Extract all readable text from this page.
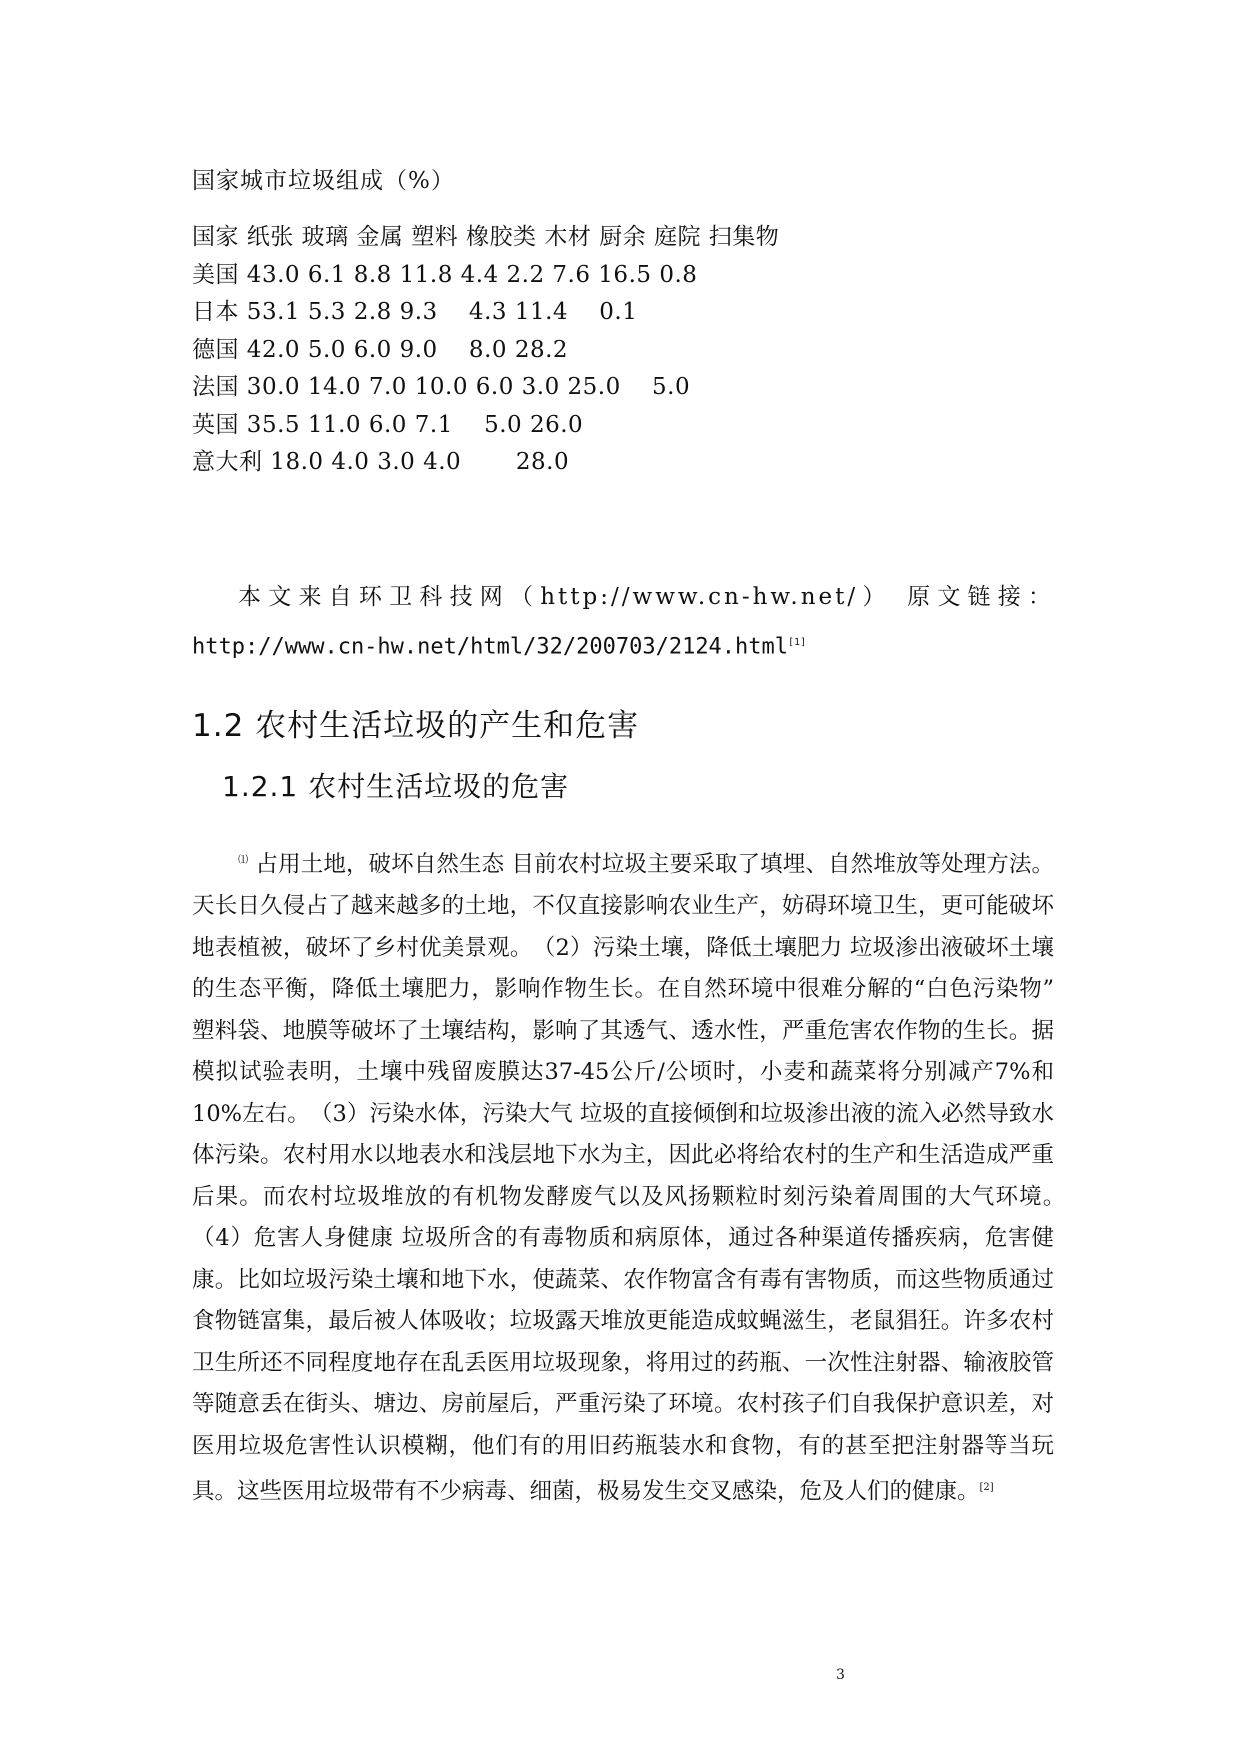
国家城市垃圾组成（%）
国家 纸张 玻璃 金属 塑料 橡胶类 木材 厨余 庭院 扫集物
美国 43.0 6.1 8.8 11.8 4.4 2.2 7.6 16.5 0.8
日本 53.1 5.3 2.8 9.3    4.3 11.4    0.1
德国 42.0 5.0 6.0 9.0    8.0 28.2
法国 30.0 14.0 7.0 10.0 6.0 3.0 25.0    5.0
英国 35.5 11.0 6.0 7.1    5.0 26.0
意大利 18.0 4.0 3.0 4.0       28.0
本文来自环卫科技网（http://www.cn-hw.net/） 原文链接：
http://www.cn-hw.net/html/32/200703/2124.html[1]
1.2 农村生活垃圾的产生和危害
1.2.1 农村生活垃圾的危害

⑴ 占用土地，破坏自然生态 目前农村垃圾主要采取了填埋、自然堆放等处理方法。天长日久侵占了越来越多的土地，不仅直接影响农业生产，妨碍环境卫生，更可能破坏地表植被，破坏了乡村优美景观。　（2）污染土壤，降低土壤肥力 垃圾渗出液破坏土壤的生态平衡，降低土壤肥力，影响作物生长。在自然环境中很难分解的“白色污染物” 塑料袋、地膜等破坏了土壤结构，影响了其透气、透水性，严重危害农作物的生长。据模拟试验表明，土壤中残留废膜达37-45公斤/公顷时，小麦和蔬菜将分别减产7%和10%左右。　（3）污染水体，污染大气 垃圾的直接倾倒和垃圾渗出液的流入必然导致水体污染。农村用水以地表水和浅层地下水为主，因此必将给农村的生产和生活造成严重后果。而农村垃圾堆放的有机物发酵废气以及风扬颗粒时刻污染着周围的大气环境。　（4）危害人身健康 垃圾所含的有毒物质和病原体，通过各种渠道传播疾病，危害健康。比如垃圾污染土壤和地下水，使蔬菜、农作物富含有毒有害物质，而这些物质通过食物链富集，最后被人体吸收；垃圾露天堆放更能造成蚊蝇滋生，老鼠猖狂。许多农村卫生所还不同程度地存在乱丢医用垃圾现象，将用过的药瓶、一次性注射器、输液胶管等随意丢在街头、塘边、房前屋后，严重污染了环境。农村孩子们自我保护意识差，对医用垃圾危害性认识模糊，他们有的用旧药瓶装水和食物，有的甚至把注射器等当玩具。这些医用垃圾带有不少病毒、细菌，极易发生交叉感染，危及人们的健康。[2]

3
